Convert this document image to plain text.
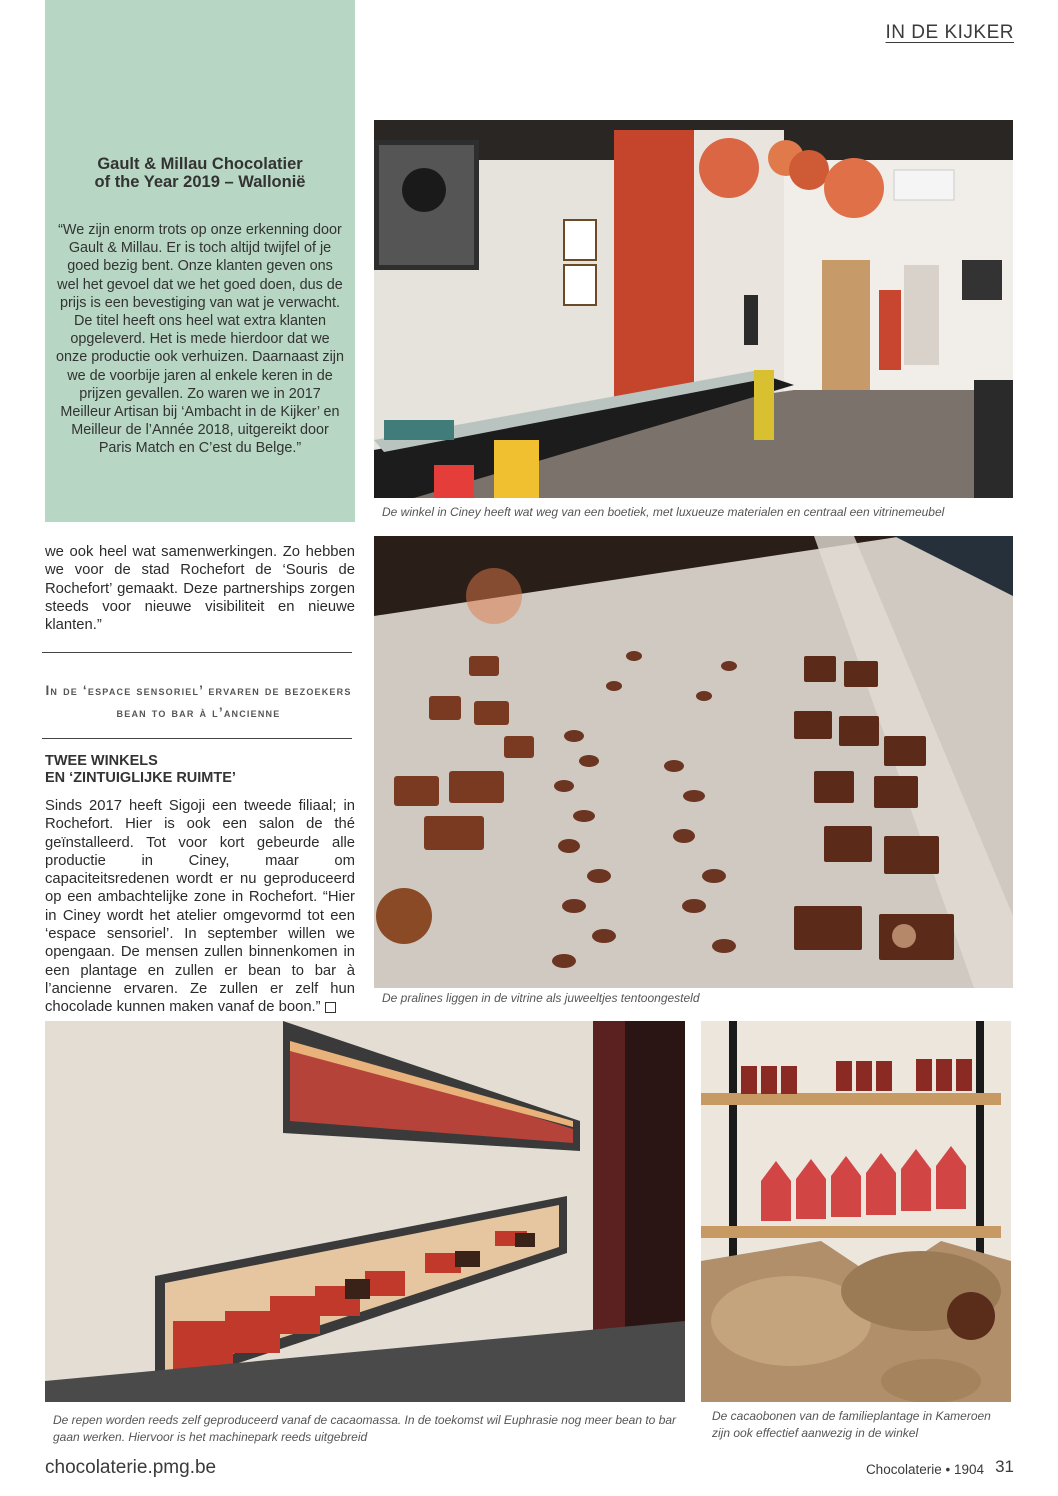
IN DE KIJKER
Gault & Millau Chocolatier
of the Year 2019 – Wallonië

“We zijn enorm trots op onze erkenning door Gault & Millau. Er is toch altijd twijfel of je goed bezig bent. Onze klanten geven ons wel het gevoel dat we het goed doen, dus de prijs is een bevestiging van wat je verwacht. De titel heeft ons heel wat extra klanten opgeleverd. Het is mede hierdoor dat we onze productie ook verhuizen. Daarnaast zijn we de voorbije jaren al enkele keren in de prijzen gevallen. Zo waren we in 2017 Meilleur Artisan bij ‘Ambacht in de Kijker’ en Meilleur de l’Année 2018, uitgereikt door Paris Match en C’est du Belge.”

we ook heel wat samenwerkingen. Zo hebben we voor de stad Rochefort de ‘Souris de Rochefort’ gemaakt. Deze partnerships zorgen steeds voor nieuwe visibiliteit en nieuwe klanten.”

In de ‘espace sensoriel’ ervaren de bezoekers bean to bar à l’ancienne
TWEE WINKELS
EN ‘ZINTUIGLIJKE RUIMTE’

Sinds 2017 heeft Sigoji een tweede filiaal; in Rochefort. Hier is ook een salon de thé geïnstalleerd. Tot voor kort gebeurde alle productie in Ciney, maar om capaciteitsredenen wordt er nu geproduceerd op een ambachtelijke zone in Rochefort. “Hier in Ciney wordt het atelier omgevormd tot een ‘espace sensoriel’. In september willen we opengaan. De mensen zullen binnenkomen in een plantage en zullen er bean to bar à l’ancienne ervaren. Ze zullen er zelf hun chocolade kunnen maken vanaf de boon.”

De winkel in Ciney heeft wat weg van een boetiek, met luxueuze materialen en centraal een vitrinemeubel
De pralines liggen in de vitrine als juweeltjes tentoongesteld
De repen worden reeds zelf geproduceerd vanaf de cacaomassa. In de toekomst wil Euphrasie nog meer bean to bar gaan werken. Hiervoor is het machinepark reeds uitgebreid
De cacaobonen van de familieplantage in Kameroen zijn ook effectief aanwezig in de winkel
chocolaterie.pmg.be	Chocolaterie • 1904 31
